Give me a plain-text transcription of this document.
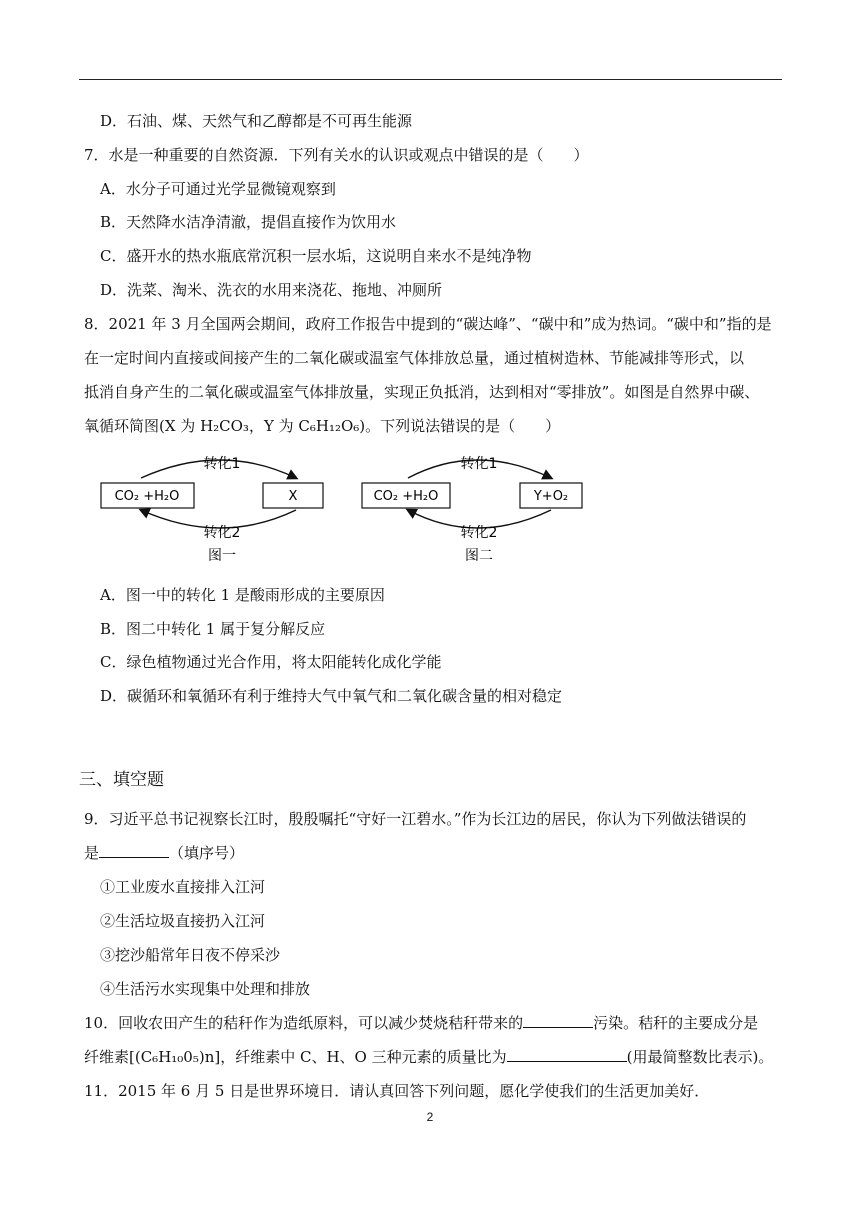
D．石油、煤、天然气和乙醇都是不可再生能源
7．水是一种重要的自然资源．下列有关水的认识或观点中错误的是（　　）
A．水分子可通过光学显微镜观察到
B．天然降水洁净清澈，提倡直接作为饮用水
C．盛开水的热水瓶底常沉积一层水垢，这说明自来水不是纯净物
D．洗菜、淘米、洗衣的水用来浇花、拖地、冲厕所
8．2021 年 3 月全国两会期间，政府工作报告中提到的“碳达峰”、“碳中和”成为热词。“碳中和”指的是
在一定时间内直接或间接产生的二氧化碳或温室气体排放总量，通过植树造林、节能减排等形式，以
抵消自身产生的二氧化碳或温室气体排放量，实现正负抵消，达到相对“零排放”。如图是自然界中碳、
氧循环简图(X 为 H₂CO₃，Y 为 C₆H₁₂O₆)。下列说法错误的是（　　）
CO₂ +H₂O	X
转化1
转化2
图一
CO₂ +H₂O	Y+O₂
转化1
转化2
图二
A．图一中的转化 1 是酸雨形成的主要原因
B．图二中转化 1 属于复分解反应
C．绿色植物通过光合作用，将太阳能转化成化学能
D．碳循环和氧循环有利于维持大气中氧气和二氧化碳含量的相对稳定
三、填空题
9．习近平总书记视察长江时，殷殷嘱托“守好一江碧水。”作为长江边的居民，你认为下列做法错误的
是	（填序号）
①工业废水直接排入江河
②生活垃圾直接扔入江河
③挖沙船常年日夜不停采沙
④生活污水实现集中处理和排放
10．回收农田产生的秸秆作为造纸原料，可以减少焚烧秸秆带来的	污染。秸秆的主要成分是
纤维素[(C₆H₁₀0₅)n]，纤维素中 C、H、O 三种元素的质量比为	(用最简整数比表示)。
11．2015 年 6 月 5 日是世界环境日．请认真回答下列问题，愿化学使我们的生活更加美好．
2
